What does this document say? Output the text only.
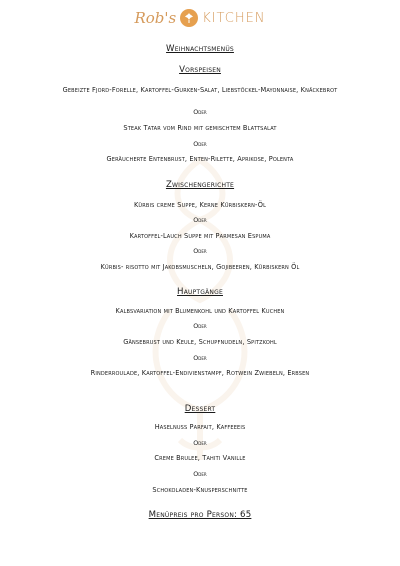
Rob's KITCHEN

Weihnachtsmenüs

Vorspeisen

Gebeizte Fjord-Forelle, Kartoffel-Gurken-Salat, Liebstöckel-Mayonnaise, Knäckebrot

Oder

Steak Tatar vom Rind mit gemischtem Blattsalat

Oder

Geräucherte Entenbrust, Enten-Rilette, Aprikose, Polenta

Zwischengerichte

Kürbis creme Suppe, Kerne Kürbiskern-Öl

Oder

Kartoffel-Lauch Suppe mit Parmesan Espuma

Oder

Kürbis- risotto mit Jakobsmuscheln, Gojibeeren, Kürbiskern Öl

Hauptgänge

Kalbsvariation mit Blumenkohl und Kartoffel Kuchen

Oder

Gänsebrust und Keule, Schupfnudeln, Spitzkohl

Oder

Rinderroulade, Kartoffel-Endivienstampf, Rotwein Zwiebeln, Erbsen

Dessert

Haselnuss Parfait, Kaffeeeis

Oder

Creme Brulee, Tahiti Vanille

Oder

Schokoladen-Knusperschnitte

Menüpreis pro Person: 65
